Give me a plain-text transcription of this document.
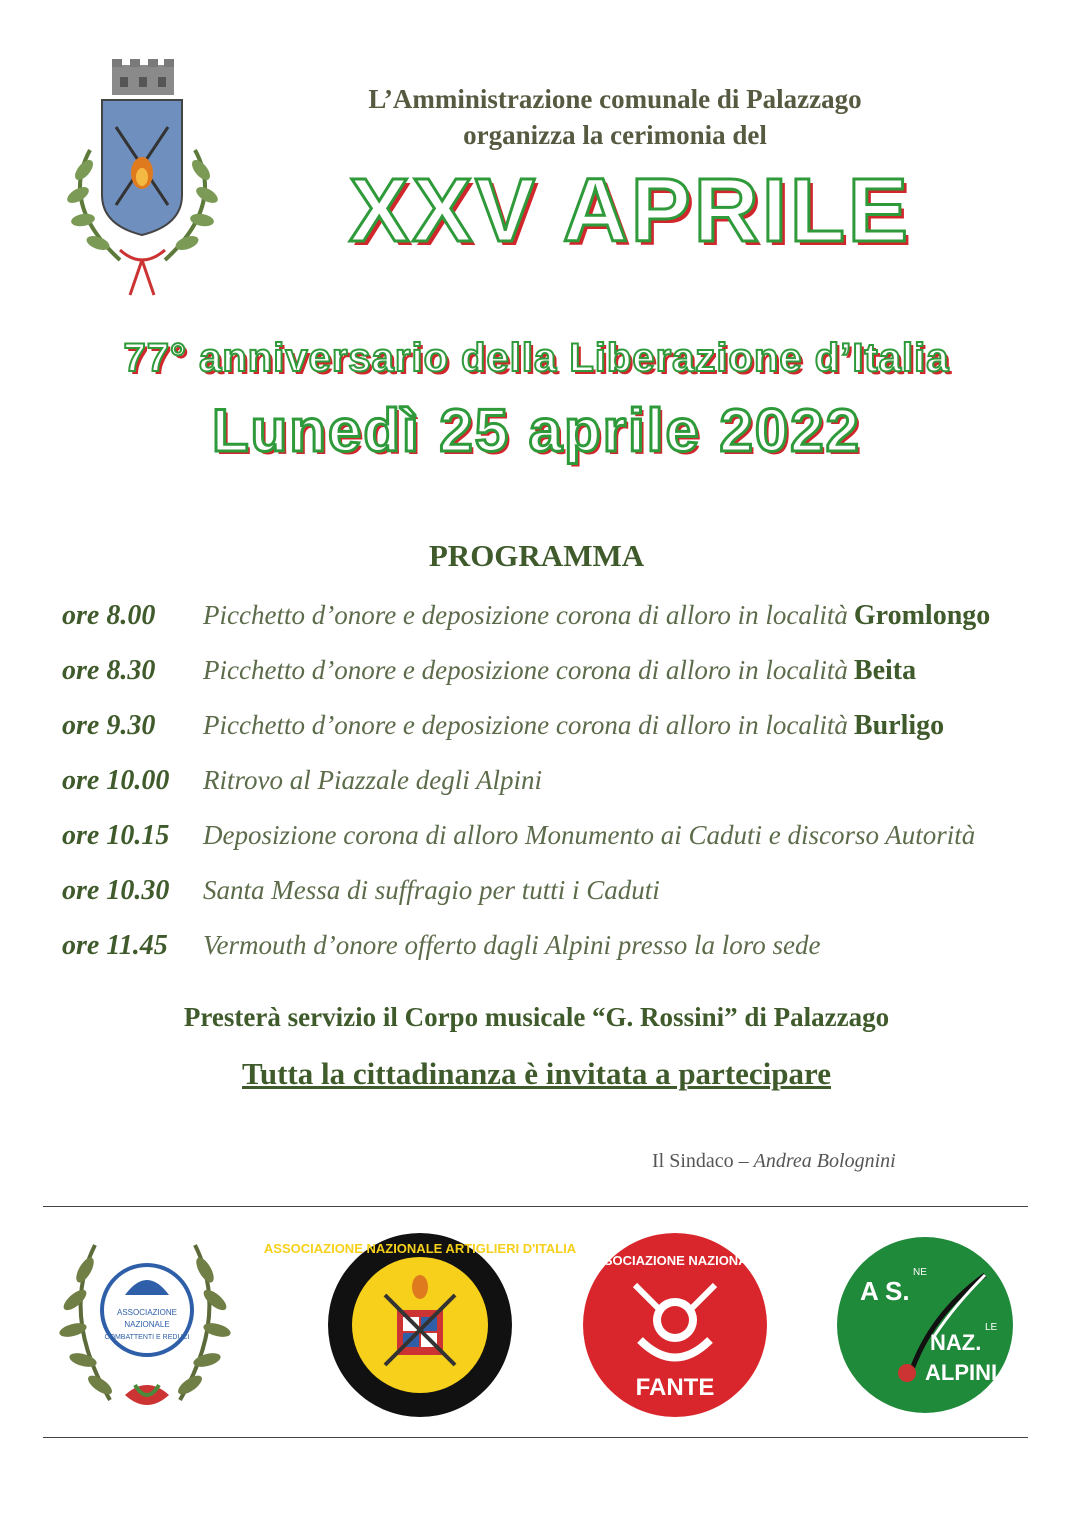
L’Amministrazione comunale di Palazzago
organizza la cerimonia del
XXV APRILE
77° anniversario della Liberazione d’Italia
Lunedì 25 aprile 2022
PROGRAMMA
ore 8.00	Picchetto d’onore e deposizione corona di alloro in località Gromlongo
ore 8.30	Picchetto d’onore e deposizione corona di alloro in località Beita
ore 9.30	Picchetto d’onore e deposizione corona di alloro in località Burligo
ore 10.00	Ritrovo al Piazzale degli Alpini
ore 10.15	Deposizione corona di alloro Monumento ai Caduti e discorso Autorità
ore 10.30	Santa Messa di suffragio per tutti i Caduti
ore 11.45	Vermouth d’onore offerto dagli Alpini presso la loro sede
Presterà servizio il Corpo musicale “G. Rossini” di Palazzago
Tutta la cittadinanza è invitata a partecipare
Il Sindaco – Andrea Bolognini
ASSOCIAZIONE
NAZIONALE
COMBATTENTI E REDUCI
ASSOCIAZIONE NAZIONALE ARTIGLIERI D'ITALIA
ASSOCIAZIONE NAZIONALE
FANTE
A S.
NE
NAZ.
LE
ALPINI
